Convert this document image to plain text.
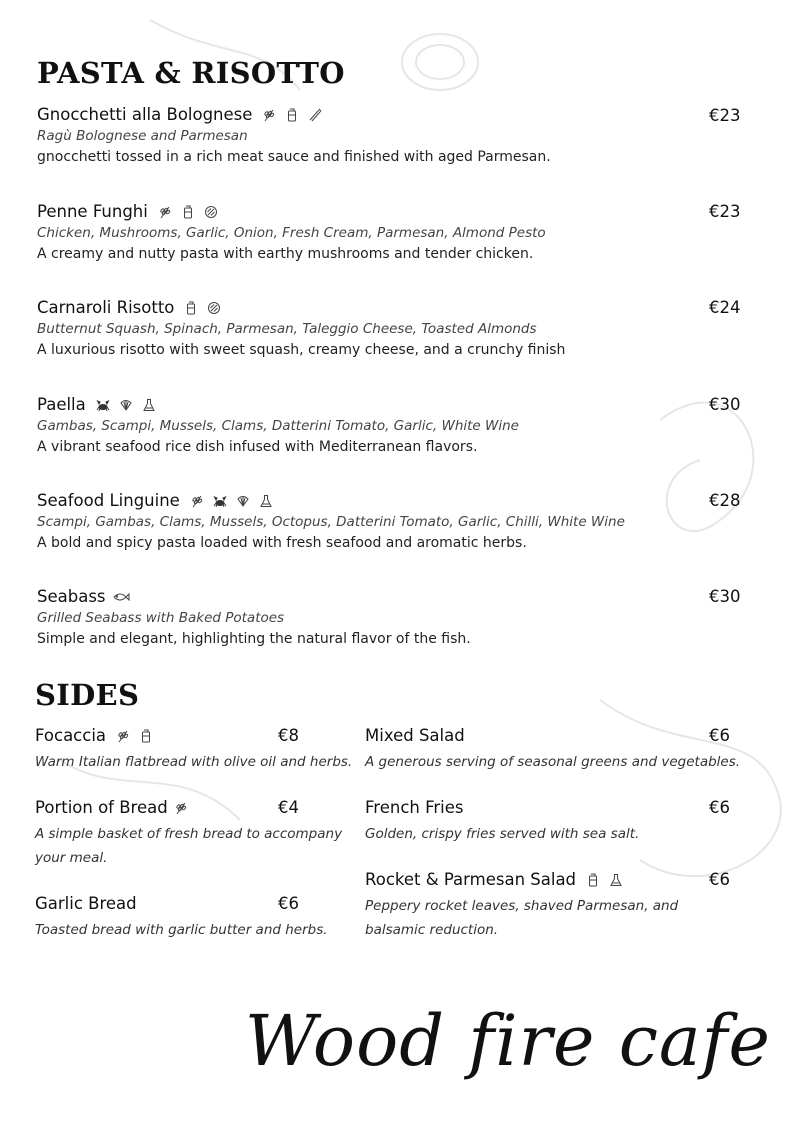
PASTA & RISOTTO
Gnocchetti alla Bolognese
Ragù Bolognese and Parmesan
gnocchetti tossed in a rich meat sauce and finished with aged Parmesan.
€23
Penne Funghi
Chicken, Mushrooms, Garlic, Onion, Fresh Cream, Parmesan, Almond Pesto
A creamy and nutty pasta with earthy mushrooms and tender chicken.
€23
Carnaroli Risotto
Butternut Squash, Spinach, Parmesan, Taleggio Cheese, Toasted Almonds
A luxurious risotto with sweet squash, creamy cheese, and a crunchy finish
€24
Paella
Gambas, Scampi, Mussels, Clams, Datterini Tomato, Garlic, White Wine
A vibrant seafood rice dish infused with Mediterranean flavors.
€30
Seafood Linguine
Scampi, Gambas, Clams, Mussels, Octopus, Datterini Tomato, Garlic, Chilli, White Wine
A bold and spicy pasta loaded with fresh seafood and aromatic herbs.
€28
Seabass
Grilled Seabass with Baked Potatoes
Simple and elegant, highlighting the natural flavor of the fish.
€30
SIDES
Focaccia
Warm Italian flatbread with olive oil and herbs.
€8
Portion of Bread
A simple basket of fresh bread to accompany your meal.
€4
Garlic Bread
Toasted bread with garlic butter and herbs.
€6
Mixed Salad
A generous serving of seasonal greens and vegetables.
€6
French Fries
Golden, crispy fries served with sea salt.
€6
Rocket & Parmesan Salad
Peppery rocket leaves, shaved Parmesan, and balsamic reduction.
€6
Wood fire cafe
